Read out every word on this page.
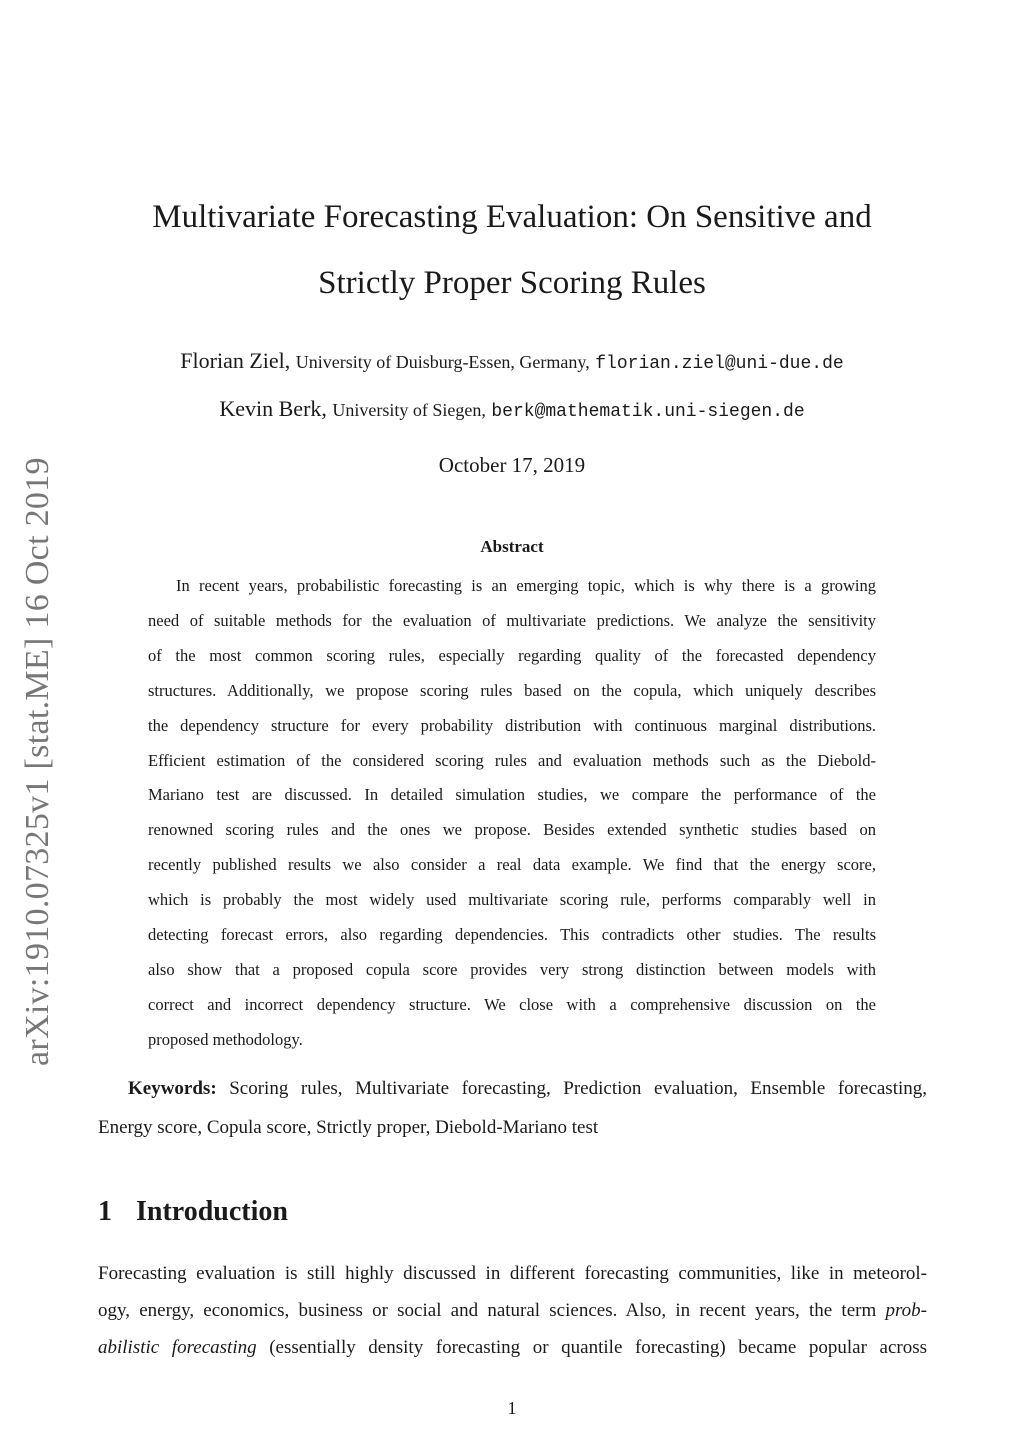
arXiv:1910.07325v1 [stat.ME] 16 Oct 2019
Multivariate Forecasting Evaluation: On Sensitive and
Strictly Proper Scoring Rules
Florian Ziel, University of Duisburg-Essen, Germany, florian.ziel@uni-due.de
Kevin Berk, University of Siegen, berk@mathematik.uni-siegen.de
October 17, 2019
Abstract
In recent years, probabilistic forecasting is an emerging topic, which is why there is a growing
need of suitable methods for the evaluation of multivariate predictions. We analyze the sensitivity
of the most common scoring rules, especially regarding quality of the forecasted dependency
structures. Additionally, we propose scoring rules based on the copula, which uniquely describes
the dependency structure for every probability distribution with continuous marginal distributions.
Efficient estimation of the considered scoring rules and evaluation methods such as the Diebold-
Mariano test are discussed. In detailed simulation studies, we compare the performance of the
renowned scoring rules and the ones we propose. Besides extended synthetic studies based on
recently published results we also consider a real data example. We find that the energy score,
which is probably the most widely used multivariate scoring rule, performs comparably well in
detecting forecast errors, also regarding dependencies. This contradicts other studies. The results
also show that a proposed copula score provides very strong distinction between models with
correct and incorrect dependency structure. We close with a comprehensive discussion on the
proposed methodology.
Keywords: Scoring rules, Multivariate forecasting, Prediction evaluation, Ensemble forecasting,
Energy score, Copula score, Strictly proper, Diebold-Mariano test
1 Introduction
Forecasting evaluation is still highly discussed in different forecasting communities, like in meteorol-
ogy, energy, economics, business or social and natural sciences. Also, in recent years, the term prob-
abilistic forecasting (essentially density forecasting or quantile forecasting) became popular across
1
